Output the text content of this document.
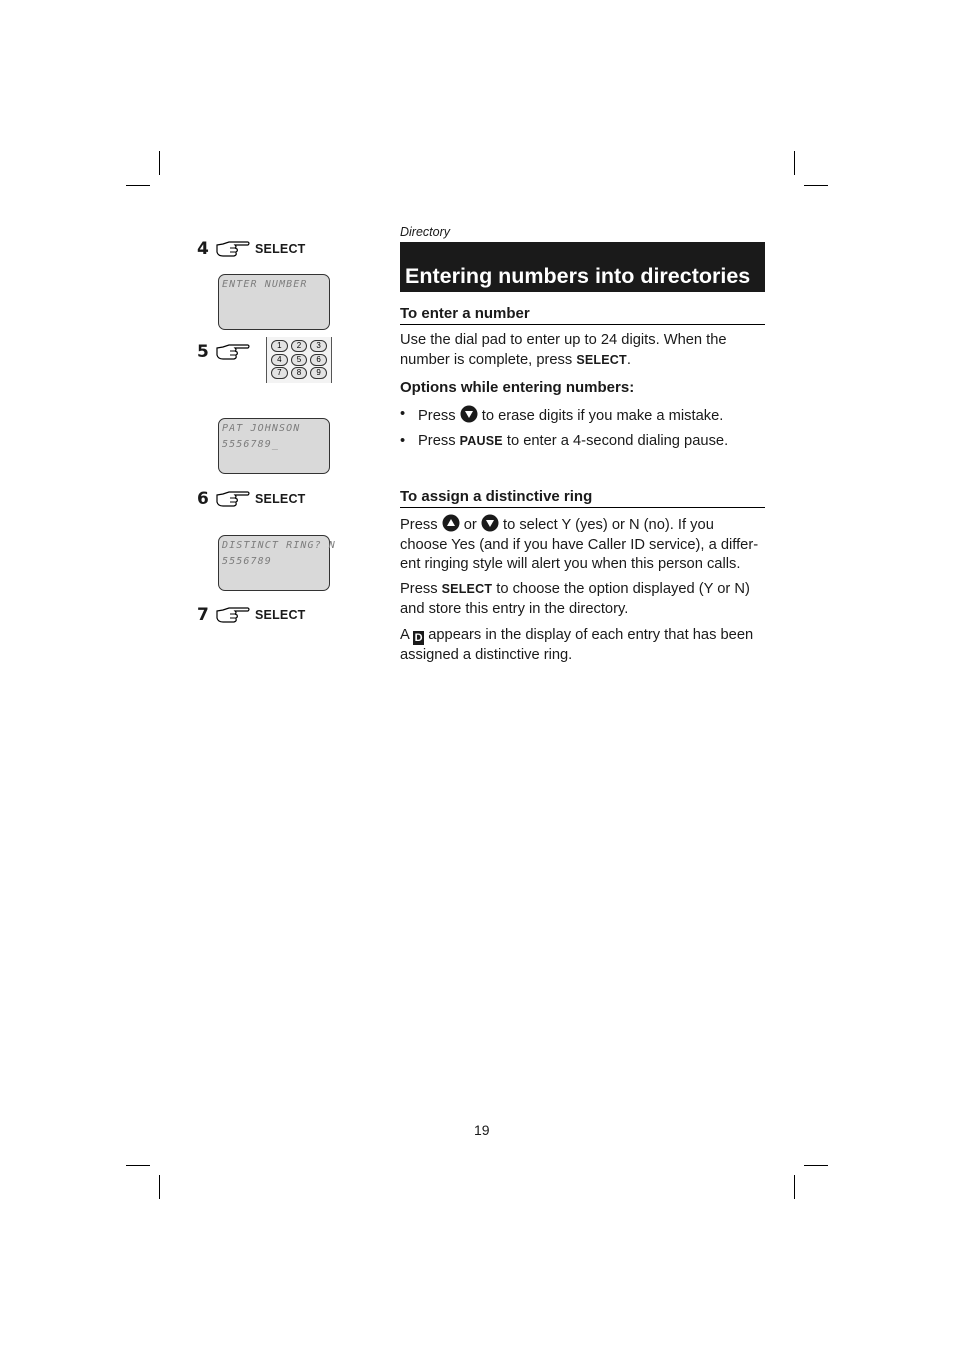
4	SELECT
ENTER NUMBER
5	1	2	3
4	5	6
7	8	9
PAT JOHNSON
5556789_
6	SELECT
DISTINCT RING? N
5556789
7	SELECT
Directory
Entering numbers into directories
To enter a number

Use the dial pad to enter up to 24 digits. When the number is complete, press SELECT.

Options while entering numbers:
• Press to erase digits if you make a mistake.
• Press PAUSE to enter a 4-second dialing pause.
To assign a distinctive ring

Press or to select Y (yes) or N (no). If you choose Yes (and if you have Caller ID service), a differ- ent ringing style will alert you when this person calls.

Press SELECT to choose the option displayed (Y or N) and store this entry in the directory.

A D appears in the display of each entry that has been assigned a distinctive ring.

19
